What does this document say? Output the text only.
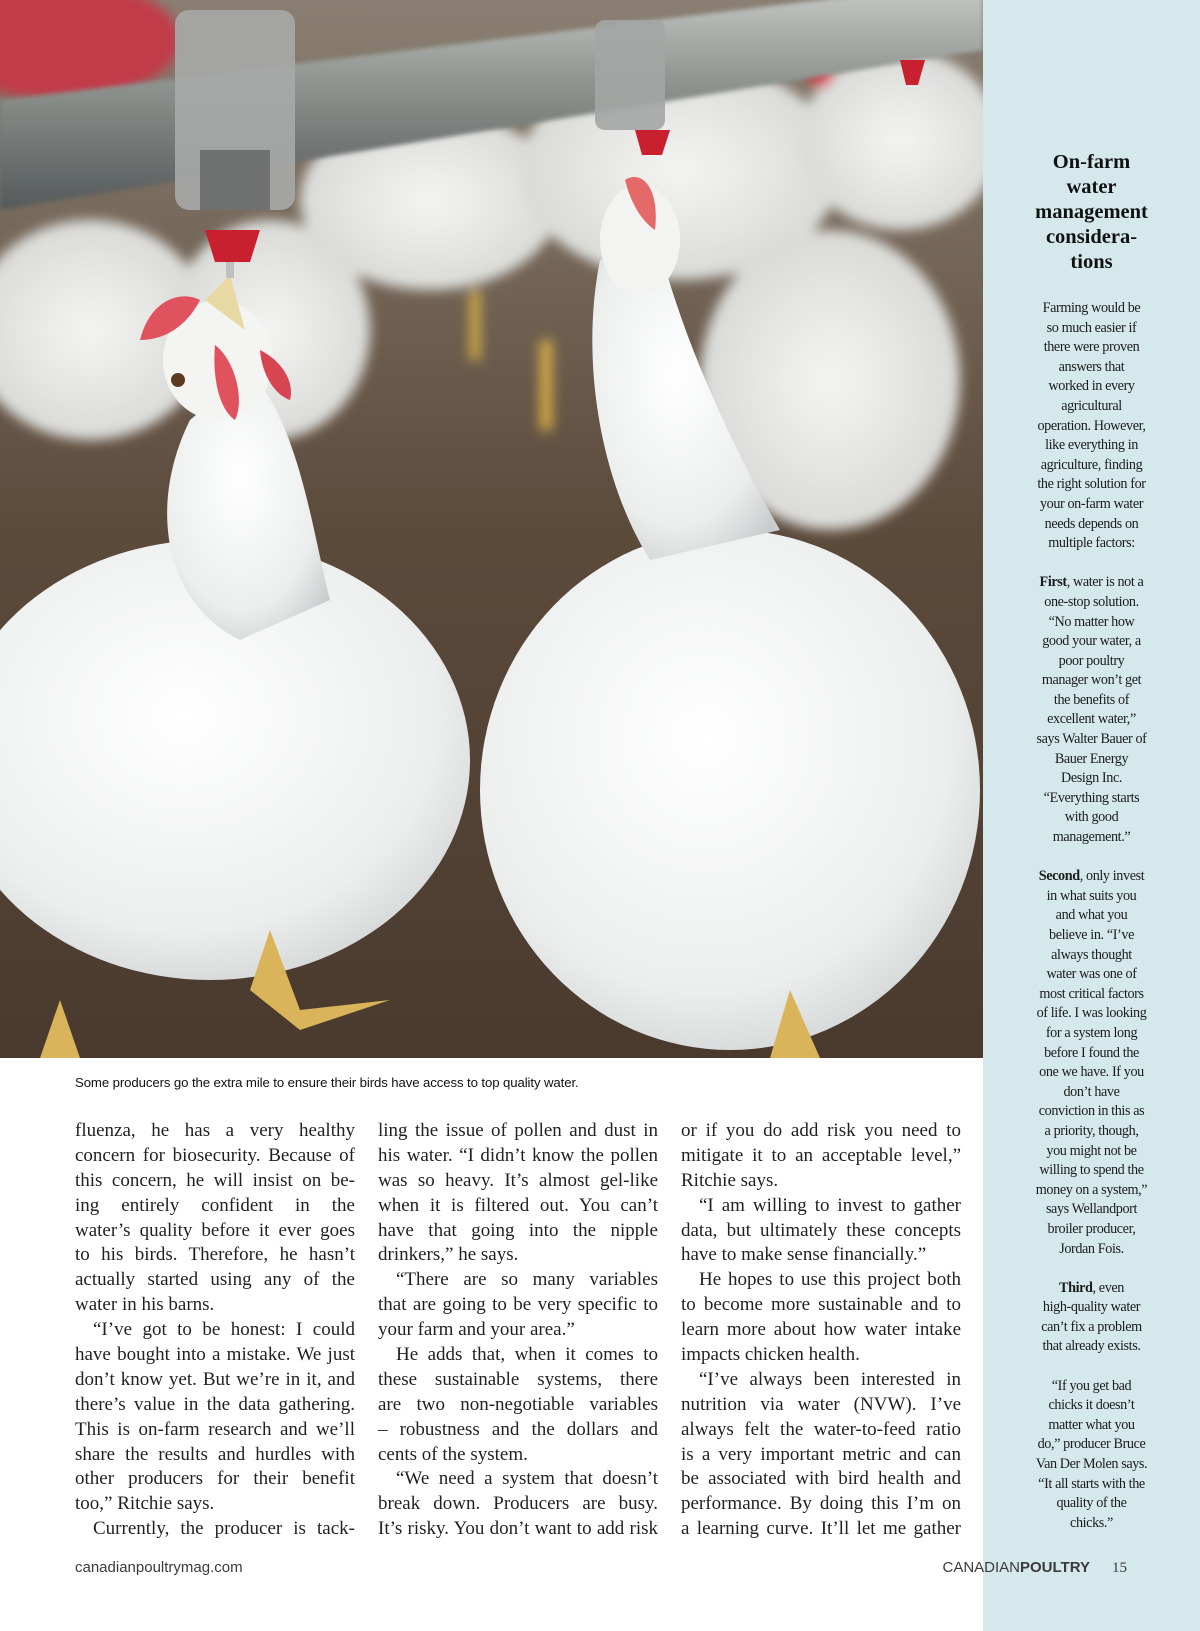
On-farm
water
management
considera-
tions

Farming would be
so much easier if
there were proven
answers that
worked in every
agricultural
operation. However,
like everything in
agriculture, finding
the right solution for
your on-farm water
needs depends on
multiple factors:

First, water is not a
one-stop solution.
“No matter how
good your water, a
poor poultry
manager won’t get
the benefits of
excellent water,”
says Walter Bauer of
Bauer Energy
Design Inc.
“Everything starts
with good
management.”

Second, only invest
in what suits you
and what you
believe in. “I’ve
always thought
water was one of
most critical factors
of life. I was looking
for a system long
before I found the
one we have. If you
don’t have
conviction in this as
a priority, though,
you might not be
willing to spend the
money on a system,”
says Wellandport
broiler producer,
Jordan Fois.

Third, even
high-quality water
can’t fix a problem
that already exists.

“If you get bad
chicks it doesn’t
matter what you
do,” producer Bruce
Van Der Molen says.
“It all starts with the
quality of the
chicks.”

Some producers go the extra mile to ensure their birds have access to top quality water.

fluenza, he has a very healthy
concern for biosecurity. Because of
this concern, he will insist on be-
ing entirely confident in the
water’s quality before it ever goes
to his birds. Therefore, he hasn’t
actually started using any of the
water in his barns.
“I’ve got to be honest: I could
have bought into a mistake. We just
don’t know yet. But we’re in it, and
there’s value in the data gathering.
This is on-farm research and we’ll
share the results and hurdles with
other producers for their benefit
too,” Ritchie says.
Currently, the producer is tack-
ling the issue of pollen and dust in
his water. “I didn’t know the pollen
was so heavy. It’s almost gel-like
when it is filtered out. You can’t
have that going into the nipple
drinkers,” he says.
“There are so many variables
that are going to be very specific to
your farm and your area.”
He adds that, when it comes to
these sustainable systems, there
are two non-negotiable variables
– robustness and the dollars and
cents of the system.
“We need a system that doesn’t
break down. Producers are busy.
It’s risky. You don’t want to add risk
or if you do add risk you need to
mitigate it to an acceptable level,”
Ritchie says.
“I am willing to invest to gather
data, but ultimately these concepts
have to make sense financially.”
He hopes to use this project both
to become more sustainable and to
learn more about how water intake
impacts chicken health.
“I’ve always been interested in
nutrition via water (NVW). I’ve
always felt the water-to-feed ratio
is a very important metric and can
be associated with bird health and
performance. By doing this I’m on
a learning curve. It’ll let me gather

canadianpoultrymag.com	CANADIANPOULTRY 15
